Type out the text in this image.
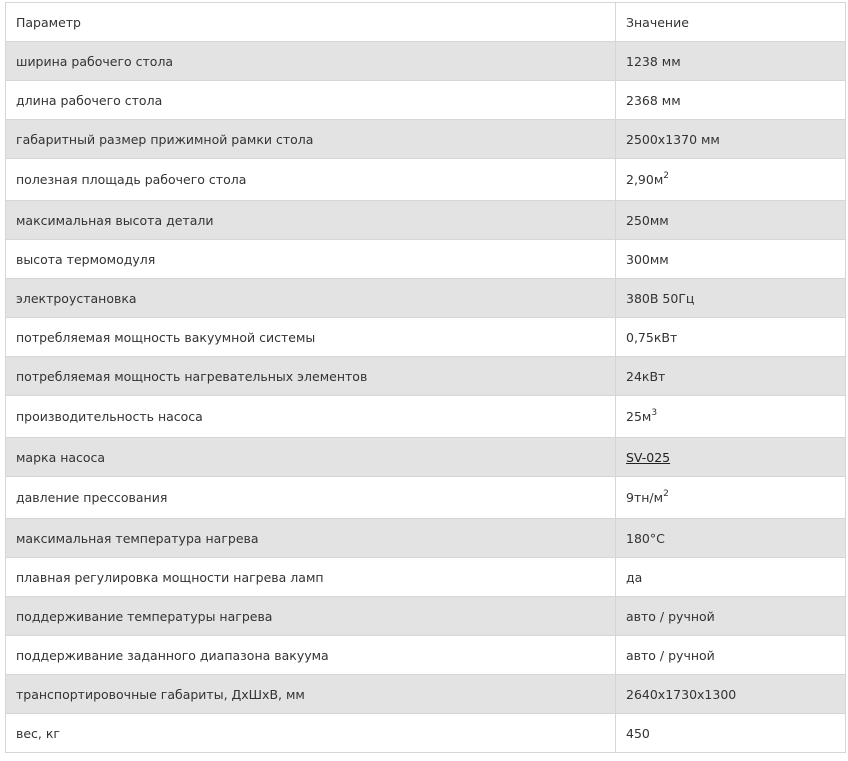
Параметр	Значение
ширина рабочего стола	1238 мм
длина рабочего стола	2368 мм
габаритный размер прижимной рамки стола	2500x1370 мм
полезная площадь рабочего стола	$2,90м^2$
максимальная высота детали	250мм
высота термомодуля	300мм
электроустановка	380В 50Гц
потребляемая мощность вакуумной системы	0,75кВт
потребляемая мощность нагревательных элементов	24кВт
производительность насоса	$25м^3$
марка насоса	SV-025
давление прессования	$9тн/м^2$
максимальная температура нагрева	180°С
плавная регулировка мощности нагрева ламп	да
поддерживание температуры нагрева	авто / ручной
поддерживание заданного диапазона вакуума	авто / ручной
транспортировочные габариты, ДхШхВ, мм	2640x1730x1300
вес, кг	450
